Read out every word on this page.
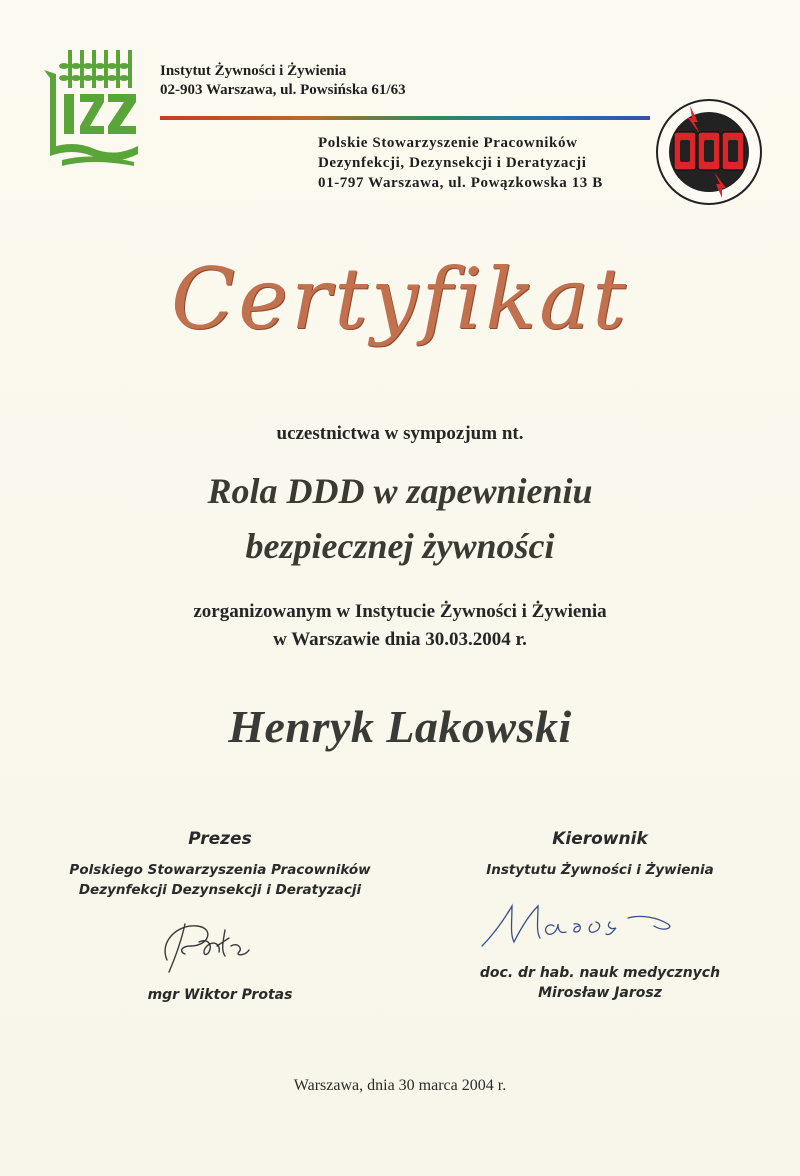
Instytut Żywności i Żywienia
02-903 Warszawa, ul. Powsińska 61/63
Polskie Stowarzyszenie Pracowników
Dezynfekcji, Dezynsekcji i Deratyzacji
01-797 Warszawa, ul. Powązkowska 13 B
Certyfikat
uczestnictwa w sympozjum nt.
Rola DDD w zapewnieniu
bezpiecznej żywności
zorganizowanym w Instytucie Żywności i Żywienia
w Warszawie dnia 30.03.2004 r.
Henryk Lakowski
Prezes
Polskiego Stowarzyszenia Pracowników
Dezynfekcji Dezynsekcji i Deratyzacji
mgr Wiktor Protas
Kierownik
Instytutu Żywności i Żywienia
doc. dr hab. nauk medycznych
Mirosław Jarosz
Warszawa, dnia 30 marca 2004 r.
